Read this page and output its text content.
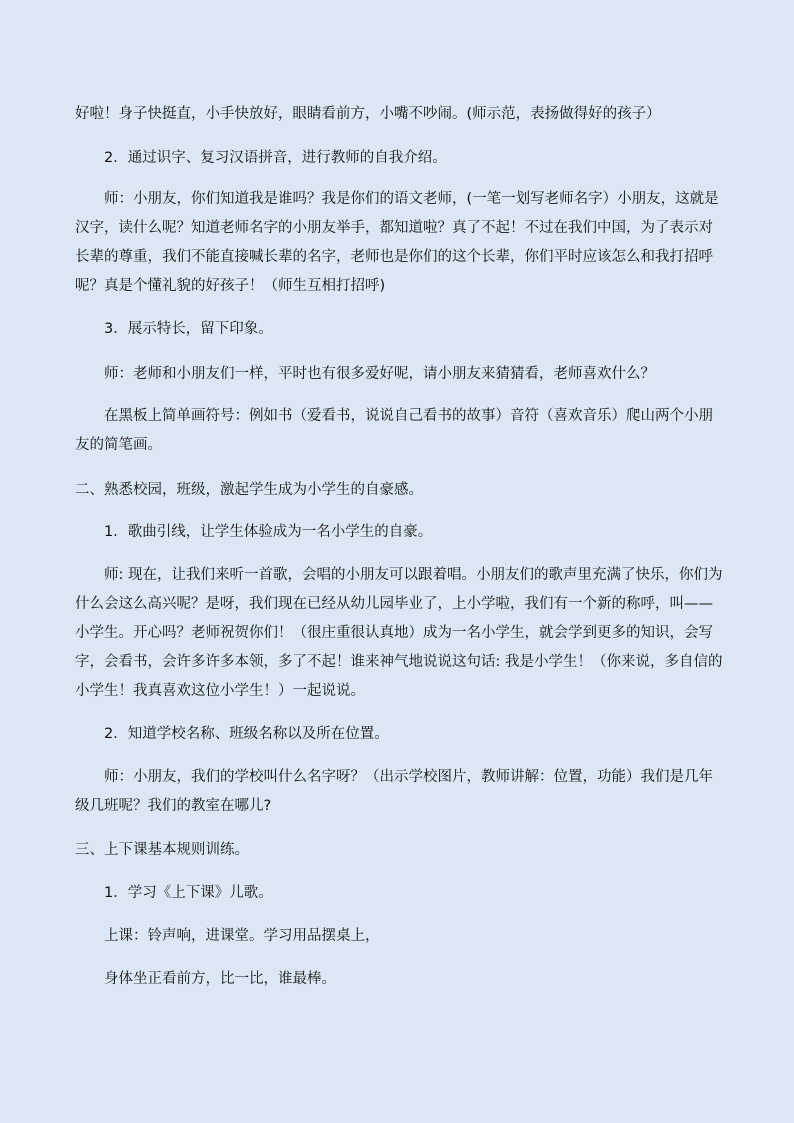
好啦！身子快挺直，小手快放好，眼睛看前方，小嘴不吵闹。(师示范，表扬做得好的孩子）

2．通过识字、复习汉语拼音，进行教师的自我介绍。

师：小朋友，你们知道我是谁吗？我是你们的语文老师，(一笔一划写老师名字）小朋友，这就是汉字，读什么呢？知道老师名字的小朋友举手，都知道啦？真了不起！不过在我们中国，为了表示对长辈的尊重，我们不能直接喊长辈的名字，老师也是你们的这个长辈，你们平时应该怎么和我打招呼呢？真是个懂礼貌的好孩子！（师生互相打招呼)

3．展示特长，留下印象。

师：老师和小朋友们一样，平时也有很多爱好呢，请小朋友来猜猜看，老师喜欢什么？

在黑板上简单画符号：例如书（爱看书，说说自己看书的故事）音符（喜欢音乐）爬山两个小朋友的简笔画。

二、熟悉校园，班级，激起学生成为小学生的自豪感。

1．歌曲引线，让学生体验成为一名小学生的自豪。

师: 现在，让我们来听一首歌，会唱的小朋友可以跟着唱。小朋友们的歌声里充满了快乐，你们为什么会这么高兴呢？是呀，我们现在已经从幼儿园毕业了，上小学啦，我们有一个新的称呼，叫——小学生。开心吗？老师祝贺你们！（很庄重很认真地）成为一名小学生，就会学到更多的知识，会写字，会看书，会许多许多本领，多了不起！谁来神气地说说这句话: 我是小学生！（你来说，多自信的小学生！我真喜欢这位小学生！）一起说说。

2．知道学校名称、班级名称以及所在位置。

师：小朋友，我们的学校叫什么名字呀？（出示学校图片，教师讲解：位置，功能）我们是几年级几班呢？我们的教室在哪儿?

三、上下课基本规则训练。

1．学习《上下课》儿歌。

上课：铃声响，进课堂。学习用品摆桌上，

身体坐正看前方，比一比，谁最棒。
